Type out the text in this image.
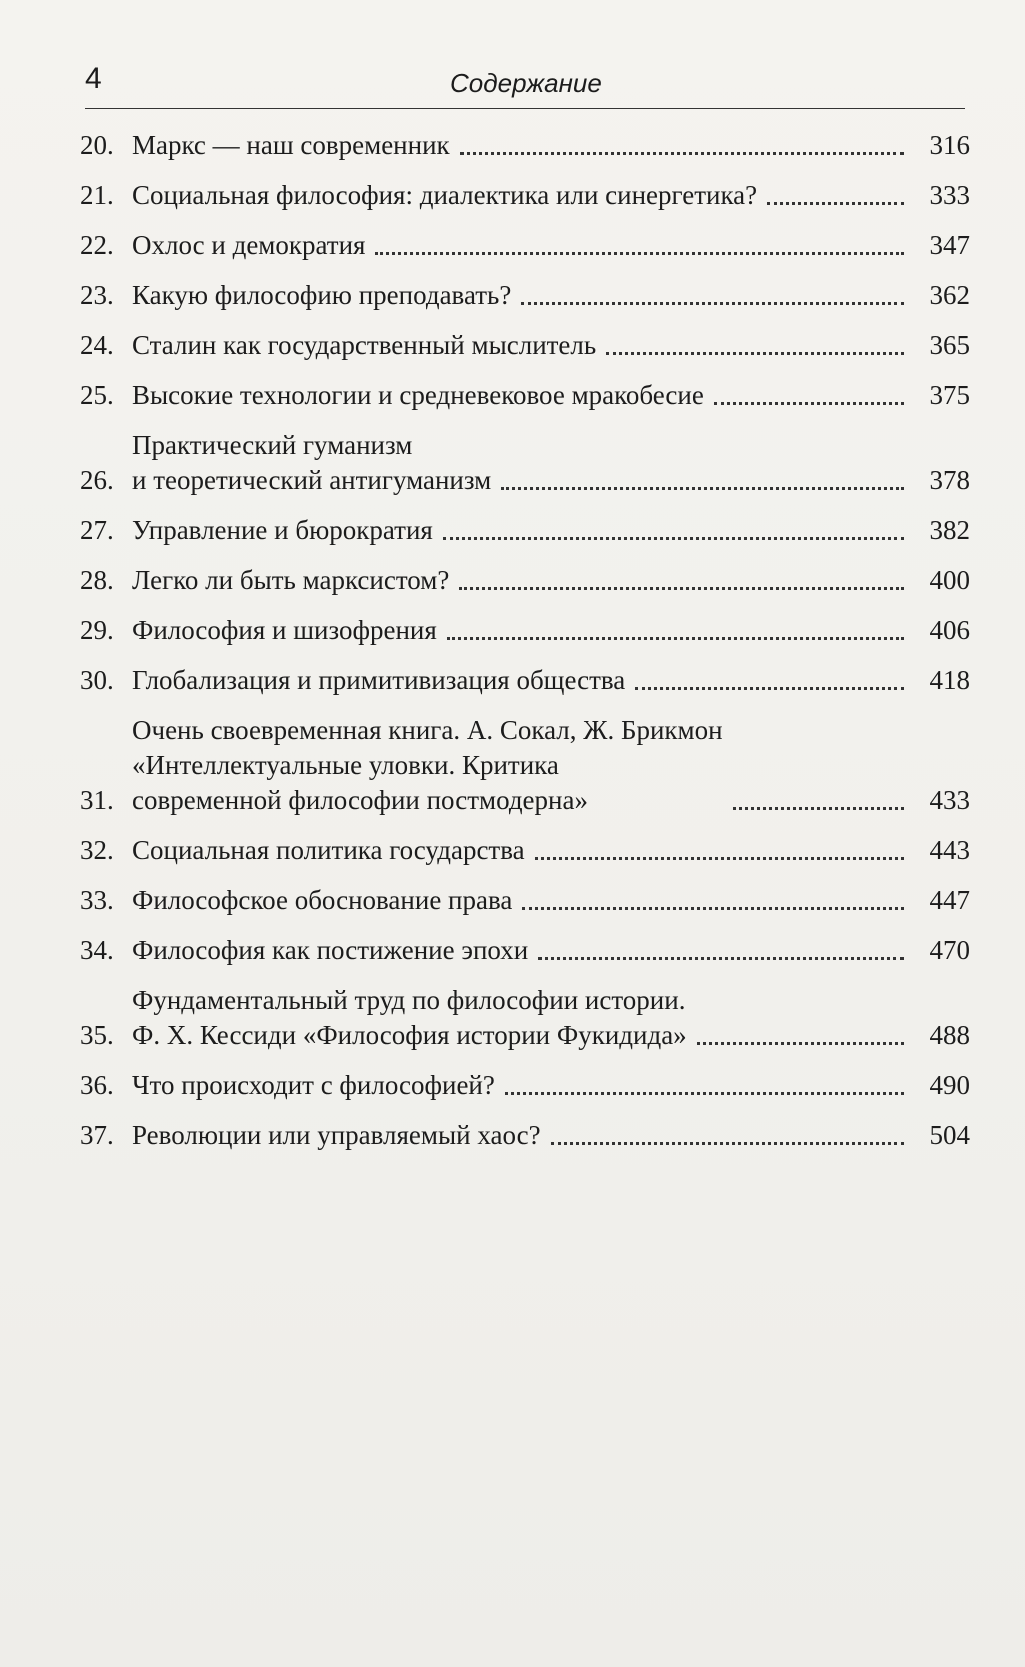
4	Содержание
20. Маркс — наш современник	316
21. Социальная философия: диалектика или синергетика?	333
22. Охлос и демократия	347
23. Какую философию преподавать?	362
24. Сталин как государственный мыслитель	365
25. Высокие технологии и средневековое мракобесие	375
26.
Практический гуманизм
и теоретический антигуманизм	378
27. Управление и бюрократия	382
28. Легко ли быть марксистом?	400
29. Философия и шизофрения	406
30. Глобализация и примитивизация общества	418
31.
Очень своевременная книга. А. Сокал, Ж. Брикмон
«Интеллектуальные уловки. Критика
современной философии постмодерна»	433
32. Социальная политика государства	443
33. Философское обоснование права	447
34. Философия как постижение эпохи	470
35.
Фундаментальный труд по философии истории.
Ф. Х. Кессиди «Философия истории Фукидида»	488
36. Что происходит с философией?	490
37. Революции или управляемый хаос?	504
